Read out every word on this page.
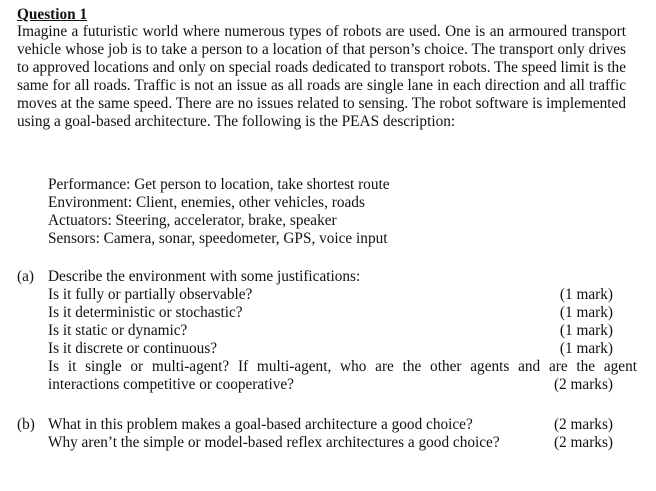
Question 1

Imagine a futuristic world where numerous types of robots are used. One is an armoured transport vehicle whose job is to take a person to a location of that person’s choice. The transport only drives to approved locations and only on special roads dedicated to transport robots. The speed limit is the same for all roads. Traffic is not an issue as all roads are single lane in each direction and all traffic moves at the same speed. There are no issues related to sensing. The robot software is implemented using a goal-based architecture. The following is the PEAS description:

Performance: Get person to location, take shortest route
Environment: Client, enemies, other vehicles, roads
Actuators: Steering, accelerator, brake, speaker
Sensors: Camera, sonar, speedometer, GPS, voice input
(a) Describe the environment with some justifications:
Is it fully or partially observable?	(1 mark)
Is it deterministic or stochastic?	(1 mark)
Is it static or dynamic?	(1 mark)
Is it discrete or continuous?	(1 mark)
Is it single or multi-agent? If multi-agent, who are the other agents and are the agent
interactions competitive or cooperative?	(2 marks)
(b) What in this problem makes a goal-based architecture a good choice?	(2 marks)
Why aren’t the simple or model-based reflex architectures a good choice?	(2 marks)
